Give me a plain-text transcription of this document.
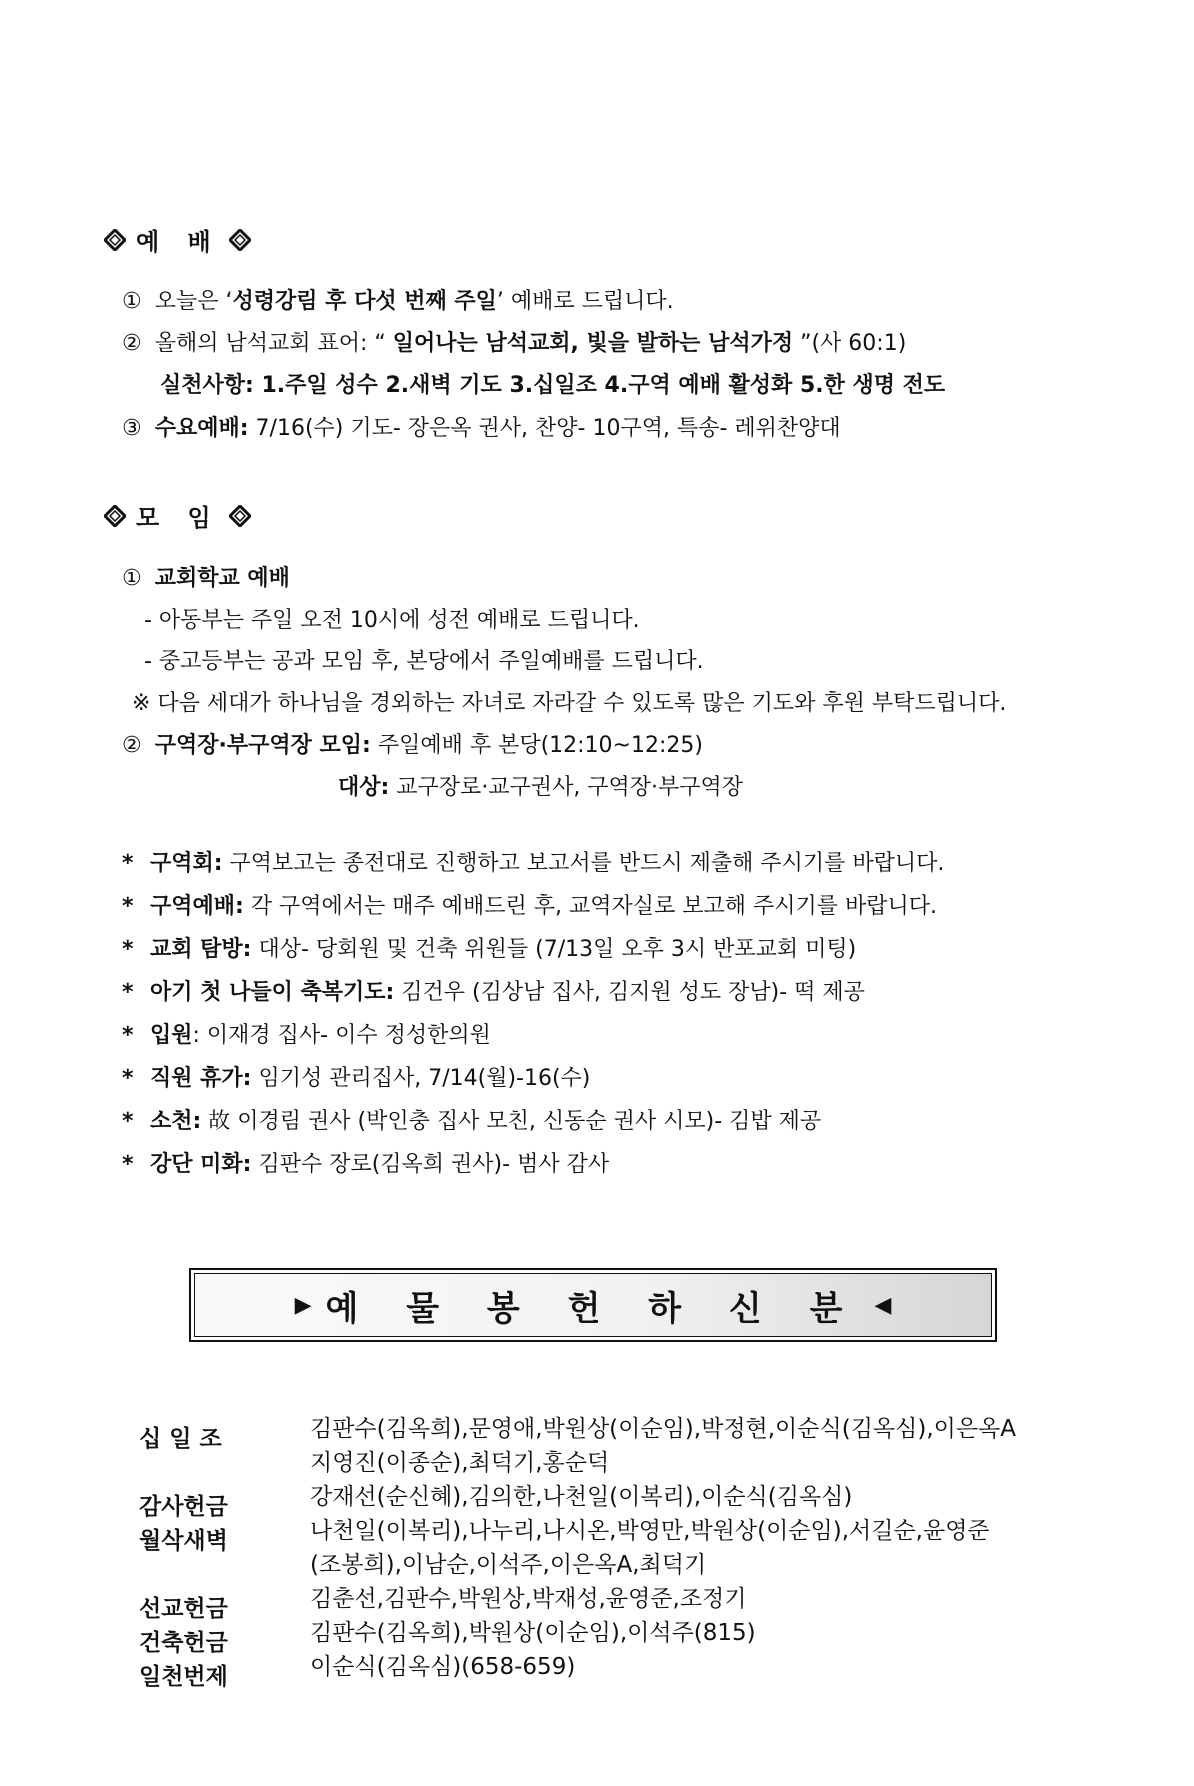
예 배
① 오늘은 ‘성령강림 후 다섯 번째 주일’ 예배로 드립니다.
② 올해의 남석교회 표어: “ 일어나는 남석교회, 빛을 발하는 남석가정 ”(사 60:1)
실천사항: 1.주일 성수 2.새벽 기도 3.십일조 4.구역 예배 활성화 5.한 생명 전도
③ 수요예배: 7/16(수) 기도- 장은옥 권사, 찬양- 10구역, 특송- 레위찬양대
모 임
① 교회학교 예배
- 아동부는 주일 오전 10시에 성전 예배로 드립니다.
- 중고등부는 공과 모임 후, 본당에서 주일예배를 드립니다.
※ 다음 세대가 하나님을 경외하는 자녀로 자라갈 수 있도록 많은 기도와 후원 부탁드립니다.
② 구역장·부구역장 모임: 주일예배 후 본당(12:10~12:25)
대상: 교구장로·교구권사, 구역장·부구역장
* 구역회: 구역보고는 종전대로 진행하고 보고서를 반드시 제출해 주시기를 바랍니다.
* 구역예배: 각 구역에서는 매주 예배드린 후, 교역자실로 보고해 주시기를 바랍니다.
* 교회 탐방: 대상- 당회원 및 건축 위원들 (7/13일 오후 3시 반포교회 미팅)
* 아기 첫 나들이 축복기도: 김건우 (김상남 집사, 김지원 성도 장남)- 떡 제공
* 입원: 이재경 집사- 이수 정성한의원
* 직원 휴가: 임기성 관리집사, 7/14(월)-16(수)
* 소천: 故 이경림 권사 (박인충 집사 모친, 신동순 권사 시모)- 김밥 제공
* 강단 미화: 김판수 장로(김옥희 권사)- 범사 감사
▶ 예 물 봉 헌 하 신 분 ◀
십 일 조	김판수(김옥희),문영애,박원상(이순임),박정현,이순식(김옥심),이은옥A
지영진(이종순),최덕기,홍순덕
감사헌금	강재선(순신혜),김의한,나천일(이복리),이순식(김옥심)
월삭새벽	나천일(이복리),나누리,나시온,박영만,박원상(이순임),서길순,윤영준
(조봉희),이남순,이석주,이은옥A,최덕기
선교헌금	김춘선,김판수,박원상,박재성,윤영준,조정기
건축헌금	김판수(김옥희),박원상(이순임),이석주(815)
일천번제	이순식(김옥심)(658-659)
